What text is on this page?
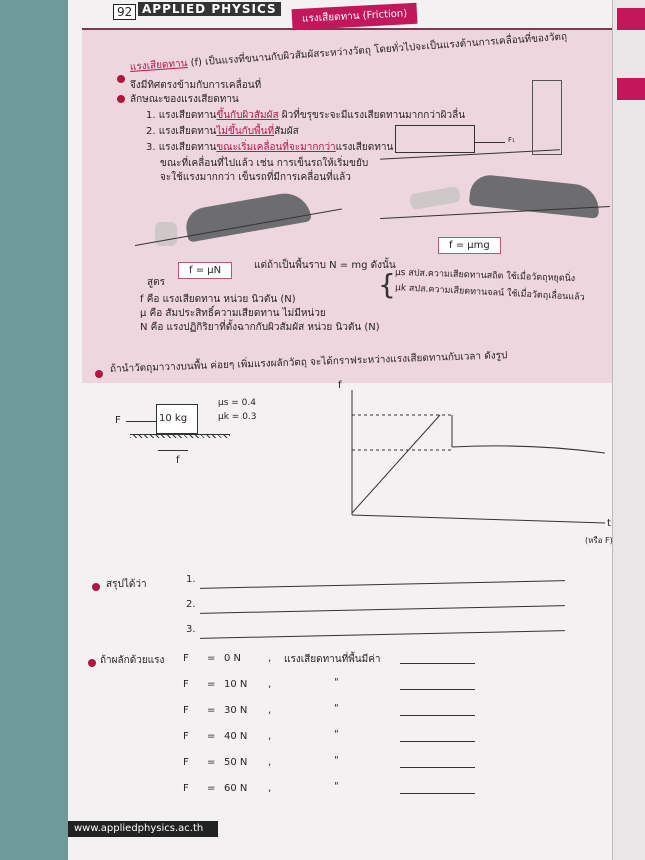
92 APPLIED PHYSICS	แรงเสียดทาน (Friction)
แรงเสียดทาน (f) เป็นแรงที่ขนานกับผิวสัมผัสระหว่างวัตถุ โดยทั่วไปจะเป็นแรงต้านการเคลื่อนที่ของวัตถุ
จึงมีทิศตรงข้ามกับการเคลื่อนที่
ลักษณะของแรงเสียดทาน
1. แรงเสียดทานขึ้นกับผิวสัมผัส ผิวที่ขรุขระจะมีแรงเสียดทานมากกว่าผิวลื่น
2. แรงเสียดทานไม่ขึ้นกับพื้นที่สัมผัส
3. แรงเสียดทานขณะเริ่มเคลื่อนที่จะมากกว่าแรงเสียดทาน
ขณะที่เคลื่อนที่ไปแล้ว เช่น การเข็นรถให้เริ่มขยับ
จะใช้แรงมากกว่า เข็นรถที่มีการเคลื่อนที่แล้ว
F₁
สูตร
f = μN	แต่ถ้าเป็นพื้นราบ N = mg ดังนั้น
f = μmg
f คือ แรงเสียดทาน หน่วย นิวตัน (N)
μ คือ สัมประสิทธิ์ความเสียดทาน ไม่มีหน่วย
N คือ แรงปฏิกิริยาที่ตั้งฉากกับผิวสัมผัส หน่วย นิวตัน (N)
{ μs สปส.ความเสียดทานสถิต ใช้เมื่อวัตถุหยุดนิ่ง
μk สปส.ความเสียดทานจลน์ ใช้เมื่อวัตถุเลื่อนแล้ว
ถ้านำวัตถุมาวางบนพื้น ค่อยๆ เพิ่มแรงผลักวัตถุ จะได้กราฟระหว่างแรงเสียดทานกับเวลา ดังรูป
F	10 kg
μs = 0.4
μk = 0.3
f
f
t
(หรือ F)
สรุปได้ว่า	1.
2.
3.
ถ้าผลักด้วยแรง	แรงเสียดทานที่พื้นมีค่า
F = 0 N	,
F = 10 N ,	"
F = 30 N ,	"
F = 40 N ,	"
F = 50 N ,	"
F = 60 N ,	"
www.appliedphysics.ac.th
